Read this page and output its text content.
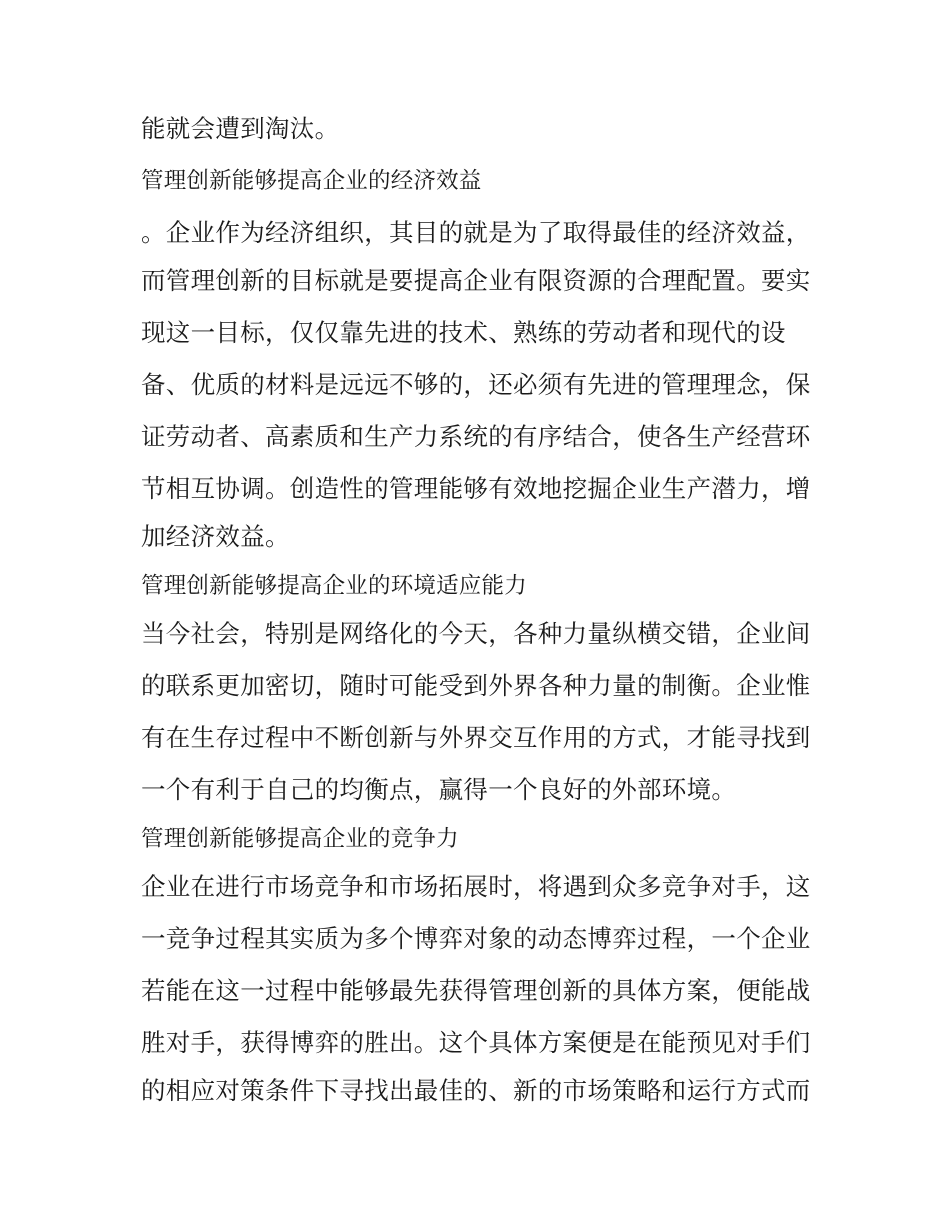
能就会遭到淘汰。
管理创新能够提高企业的经济效益
。企业作为经济组织，其目的就是为了取得最佳的经济效益，
而管理创新的目标就是要提高企业有限资源的合理配置。要实
现这一目标，仅仅靠先进的技术、熟练的劳动者和现代的设
备、优质的材料是远远不够的，还必须有先进的管理理念，保
证劳动者、高素质和生产力系统的有序结合，使各生产经营环
节相互协调。创造性的管理能够有效地挖掘企业生产潜力，增
加经济效益。
管理创新能够提高企业的环境适应能力
当今社会，特别是网络化的今天，各种力量纵横交错，企业间
的联系更加密切，随时可能受到外界各种力量的制衡。企业惟
有在生存过程中不断创新与外界交互作用的方式，才能寻找到
一个有利于自己的均衡点，赢得一个良好的外部环境。
管理创新能够提高企业的竞争力
企业在进行市场竞争和市场拓展时，将遇到众多竞争对手，这
一竞争过程其实质为多个博弈对象的动态博弈过程，一个企业
若能在这一过程中能够最先获得管理创新的具体方案，便能战
胜对手，获得博弈的胜出。这个具体方案便是在能预见对手们
的相应对策条件下寻找出最佳的、新的市场策略和运行方式而
